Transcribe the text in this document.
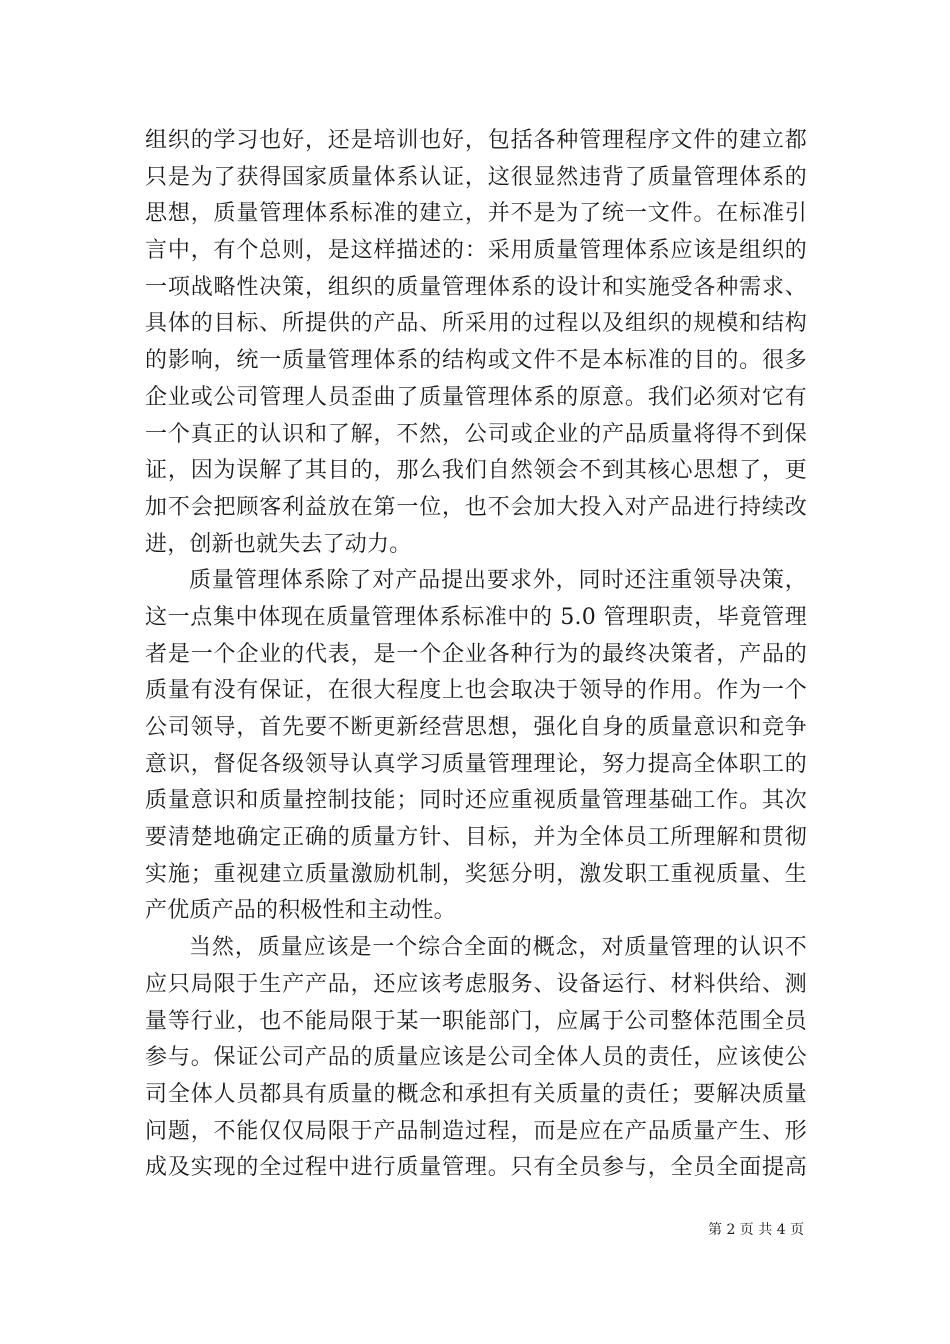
组织的学习也好，还是培训也好，包括各种管理程序文件的建立都
只是为了获得国家质量体系认证，这很显然违背了质量管理体系的
思想，质量管理体系标准的建立，并不是为了统一文件。在标准引
言中，有个总则，是这样描述的：采用质量管理体系应该是组织的
一项战略性决策，组织的质量管理体系的设计和实施受各种需求、
具体的目标、所提供的产品、所采用的过程以及组织的规模和结构
的影响，统一质量管理体系的结构或文件不是本标准的目的。很多
企业或公司管理人员歪曲了质量管理体系的原意。我们必须对它有
一个真正的认识和了解，不然，公司或企业的产品质量将得不到保
证，因为误解了其目的，那么我们自然领会不到其核心思想了，更
加不会把顾客利益放在第一位，也不会加大投入对产品进行持续改
进，创新也就失去了动力。
质量管理体系除了对产品提出要求外，同时还注重领导决策，
这一点集中体现在质量管理体系标准中的 5.0 管理职责，毕竟管理
者是一个企业的代表，是一个企业各种行为的最终决策者，产品的
质量有没有保证，在很大程度上也会取决于领导的作用。作为一个
公司领导，首先要不断更新经营思想，强化自身的质量意识和竞争
意识，督促各级领导认真学习质量管理理论，努力提高全体职工的
质量意识和质量控制技能；同时还应重视质量管理基础工作。其次
要清楚地确定正确的质量方针、目标，并为全体员工所理解和贯彻
实施；重视建立质量激励机制，奖惩分明，激发职工重视质量、生
产优质产品的积极性和主动性。
当然，质量应该是一个综合全面的概念，对质量管理的认识不
应只局限于生产产品，还应该考虑服务、设备运行、材料供给、测
量等行业，也不能局限于某一职能部门，应属于公司整体范围全员
参与。保证公司产品的质量应该是公司全体人员的责任，应该使公
司全体人员都具有质量的概念和承担有关质量的责任；要解决质量
问题，不能仅仅局限于产品制造过程，而是应在产品质量产生、形
成及实现的全过程中进行质量管理。只有全员参与，全员全面提高
第 2 页 共 4 页
